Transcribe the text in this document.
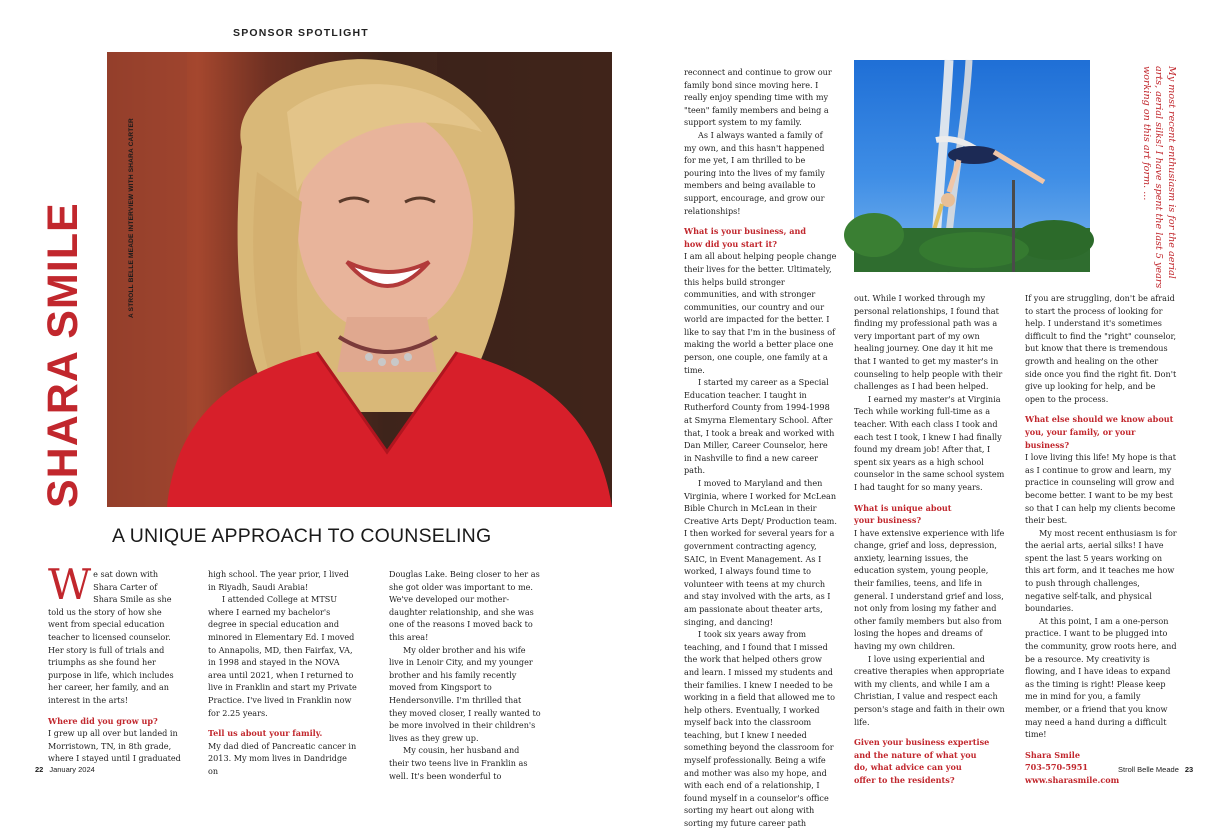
SPONSOR SPOTLIGHT
A STROLL BELLE MEADE INTERVIEW WITH SHARA CARTER
SHARA SMILE
A UNIQUE APPROACH TO COUNSELING

We sat down with Shara Carter of Shara Smile as she told us the story of how she went from special education teacher to licensed counselor. Her story is full of trials and triumphs as she found her purpose in life, which includes her career, her family, and an interest in the arts!

Where did you grow up?

I grew up all over but landed in Morristown, TN, in 8th grade, where I stayed until I graduated

high school. The year prior, I lived in Riyadh, Saudi Arabia!

I attended College at MTSU where I earned my bachelor's degree in special education and minored in Elementary Ed. I moved to Annapolis, MD, then Fairfax, VA, in 1998 and stayed in the NOVA area until 2021, when I returned to live in Franklin and start my Private Practice. I've lived in Franklin now for 2.25 years.

Tell us about your family.

My dad died of Pancreatic cancer in 2013. My mom lives in Dandridge on

Douglas Lake. Being closer to her as she got older was important to me. We've developed our mother-daughter relationship, and she was one of the reasons I moved back to this area!

My older brother and his wife live in Lenoir City, and my younger brother and his family recently moved from Kingsport to Hendersonville. I'm thrilled that they moved closer, I really wanted to be more involved in their children's lives as they grew up.

My cousin, her husband and their two teens live in Franklin as well. It's been wonderful to

reconnect and continue to grow our family bond since moving here. I really enjoy spending time with my "teen" family members and being a support system to my family.

As I always wanted a family of my own, and this hasn't happened for me yet, I am thrilled to be pouring into the lives of my family members and being available to support, encourage, and grow our relationships!

What is your business, and
how did you start it?

I am all about helping people change their lives for the better. Ultimately, this helps build stronger communities, and with stronger communities, our country and our world are impacted for the better. I like to say that I'm in the business of making the world a better place one person, one couple, one family at a time.

I started my career as a Special Education teacher. I taught in Rutherford County from 1994-1998 at Smyrna Elementary School. After that, I took a break and worked with Dan Miller, Career Counselor, here in Nashville to find a new career path.

I moved to Maryland and then Virginia, where I worked for McLean Bible Church in McLean in their Creative Arts Dept/ Production team. I then worked for several years for a government contracting agency, SAIC, in Event Management. As I worked, I always found time to volunteer with teens at my church and stay involved with the arts, as I am passionate about theater arts, singing, and dancing!

I took six years away from teaching, and I found that I missed the work that helped others grow and learn. I missed my students and their families. I knew I needed to be working in a field that allowed me to help others. Eventually, I worked myself back into the classroom teaching, but I knew I needed something beyond the classroom for myself professionally. Being a wife and mother was also my hope, and with each end of a relationship, I found myself in a counselor's office sorting my heart out along with sorting my future career path

My most recent enthusiasm is for the aerial arts, aerial silks! I have spent the last 5 years working on this art form. ...

out. While I worked through my personal relationships, I found that finding my professional path was a very important part of my own healing journey. One day it hit me that I wanted to get my master's in counseling to help people with their challenges as I had been helped.

I earned my master's at Virginia Tech while working full-time as a teacher. With each class I took and each test I took, I knew I had finally found my dream job! After that, I spent six years as a high school counselor in the same school system I had taught for so many years.

What is unique about
your business?

I have extensive experience with life change, grief and loss, depression, anxiety, learning issues, the education system, young people, their families, teens, and life in general. I understand grief and loss, not only from losing my father and other family members but also from losing the hopes and dreams of having my own children.

I love using experiential and creative therapies when appropriate with my clients, and while I am a Christian, I value and respect each person's stage and faith in their own life.

Given your business expertise
and the nature of what you
do, what advice can you
offer to the residents?

If you are struggling, don't be afraid to start the process of looking for help. I understand it's sometimes difficult to find the "right" counselor, but know that there is tremendous growth and healing on the other side once you find the right fit. Don't give up looking for help, and be open to the process.

What else should we know about
you, your family, or your business?

I love living this life! My hope is that as I continue to grow and learn, my practice in counseling will grow and become better. I want to be my best so that I can help my clients become their best.

My most recent enthusiasm is for the aerial arts, aerial silks! I have spent the last 5 years working on this art form, and it teaches me how to push through challenges, negative self-talk, and physical boundaries.

At this point, I am a one-person practice. I want to be plugged into the community, grow roots here, and be a resource. My creativity is flowing, and I have ideas to expand as the timing is right! Please keep me in mind for you, a family member, or a friend that you know may need a hand during a difficult time!

Shara Smile
703-570-5951
www.sharasmile.com

22 January 2024	Stroll Belle Meade 23
